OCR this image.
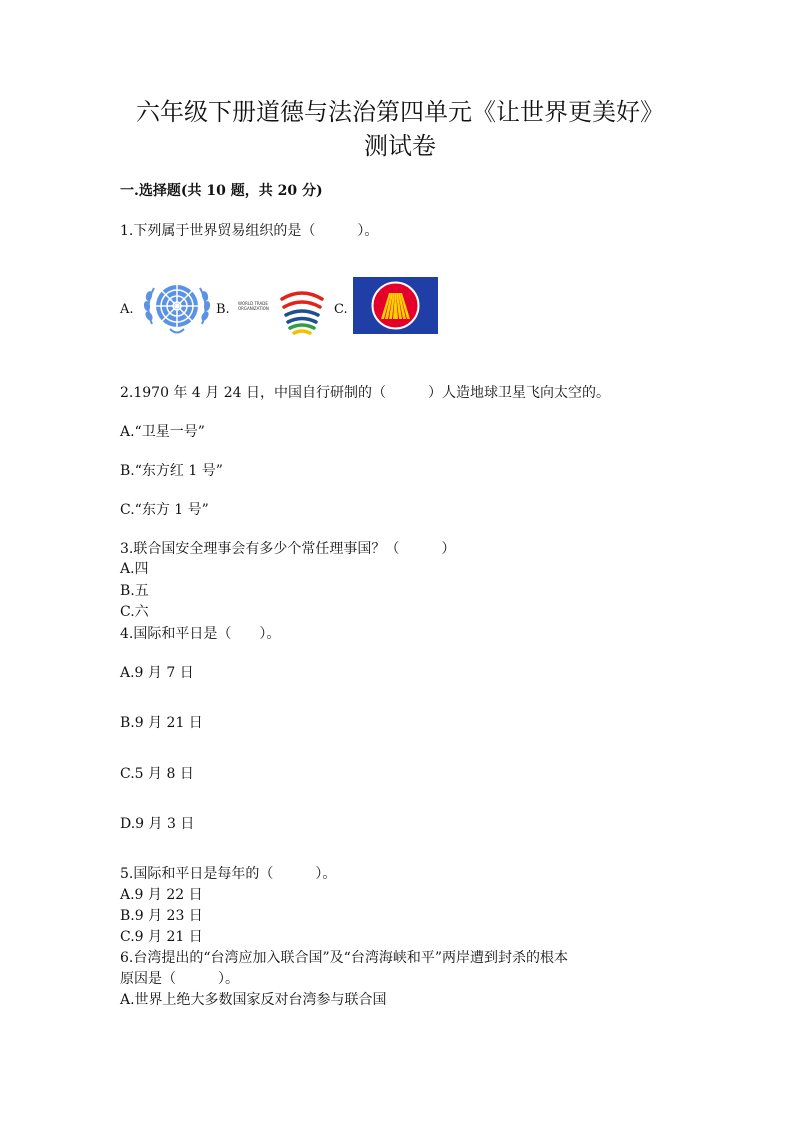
六年级下册道德与法治第四单元《让世界更美好》
测试卷
一.选择题(共 10 题，共 20 分)
1.下列属于世界贸易组织的是（　　　）。
A.	B. WORLD TRADE
ORGANIZATION	C.
2.1970 年 4 月 24 日，中国自行研制的（　　　）人造地球卫星飞向太空的。
A.“卫星一号”
B.“东方红 1 号”
C.“东方 1 号”
3.联合国安全理事会有多少个常任理事国？（　　　）
A.四
B.五
C.六
4.国际和平日是（　　）。
A.9 月 7 日
B.9 月 21 日
C.5 月 8 日
D.9 月 3 日
5.国际和平日是每年的（　　　）。
A.9 月 22 日
B.9 月 23 日
C.9 月 21 日
6.台湾提出的“台湾应加入联合国”及“台湾海峡和平”两岸遭到封杀的根本
原因是（　　　）。
A.世界上绝大多数国家反对台湾参与联合国
